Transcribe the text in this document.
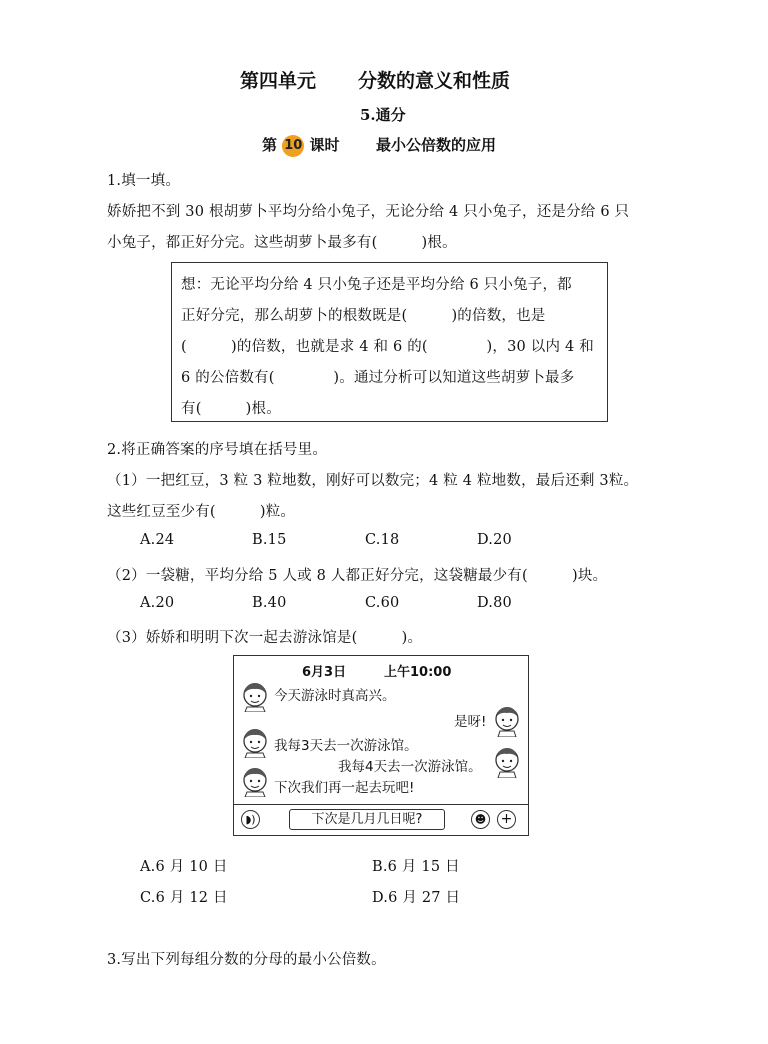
第四单元 分数的意义和性质
5.通分
第 10 课时 最小公倍数的应用
1.填一填。
娇娇把不到 30 根胡萝卜平均分给小兔子，无论分给 4 只小兔子，还是分给 6 只
小兔子，都正好分完。这些胡萝卜最多有(　　　)根。
想：无论平均分给 4 只小兔子还是平均分给 6 只小兔子，都
正好分完，那么胡萝卜的根数既是(　　　)的倍数，也是
(　　　)的倍数，也就是求 4 和 6 的(　　　　)，30 以内 4 和
6 的公倍数有(　　　　)。通过分析可以知道这些胡萝卜最多
有(　　　)根。
2.将正确答案的序号填在括号里。
（1）一把红豆，3 粒 3 粒地数，刚好可以数完；4 粒 4 粒地数，最后还剩 3粒。
这些红豆至少有(　　　)粒。
A.24	B.15	C.18	D.20
（2）一袋糖，平均分给 5 人或 8 人都正好分完，这袋糖最少有(　　　)块。
A.20	B.40	C.60	D.80
（3）娇娇和明明下次一起去游泳馆是(　　　)。
6月3日	上午10:00
今天游泳时真高兴。
是呀!
我每3天去一次游泳馆。
我每4天去一次游泳馆。
下次我们再一起去玩吧!
◗)	下次是几月几日呢?	☻ +
A.6 月 10 日	B.6 月 15 日
C.6 月 12 日	D.6 月 27 日
3.写出下列每组分数的分母的最小公倍数。
